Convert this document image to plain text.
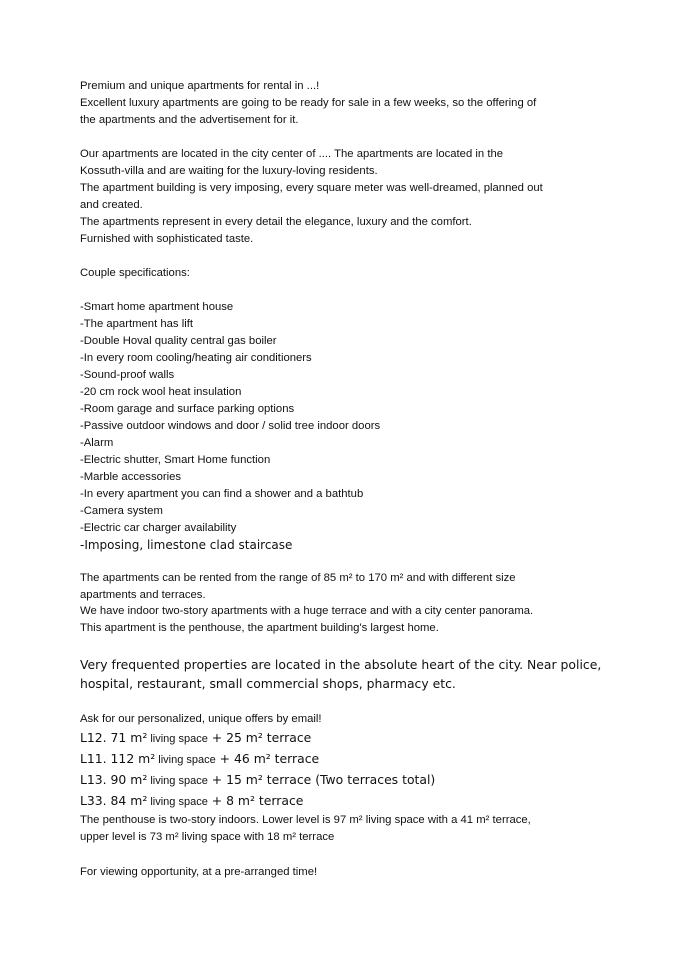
Premium and unique apartments for rental in ...!
Excellent luxury apartments are going to be ready for sale in a few weeks, so the offering of
the apartments and the advertisement for it.
Our apartments are located in the city center of .... The apartments are located in the
Kossuth-villa and are waiting for the luxury-loving residents.
The apartment building is very imposing, every square meter was well-dreamed, planned out
and created.
The apartments represent in every detail the elegance, luxury and the comfort.
Furnished with sophisticated taste.
Couple specifications:
-Smart home apartment house
-The apartment has lift
-Double Hoval quality central gas boiler
-In every room cooling/heating air conditioners
-Sound-proof walls
-20 cm rock wool heat insulation
-Room garage and surface parking options
-Passive outdoor windows and door / solid tree indoor doors
-Alarm
-Electric shutter, Smart Home function
-Marble accessories
-In every apartment you can find a shower and a bathtub
-Camera system
-Electric car charger availability
-Imposing, limestone clad staircase
The apartments can be rented from the range of 85 m² to 170 m² and with different size
apartments and terraces.
We have indoor two-story apartments with a huge terrace and with a city center panorama.
This apartment is the penthouse, the apartment building's largest home.
Very frequented properties are located in the absolute heart of the city. Near police,
hospital, restaurant, small commercial shops, pharmacy etc.
Ask for our personalized, unique offers by email!
L12. 71 m² living space + 25 m² terrace
L11. 112 m² living space + 46 m² terrace
L13. 90 m² living space + 15 m² terrace (Two terraces total)
L33. 84 m² living space + 8 m² terrace
The penthouse is two-story indoors. Lower level is 97 m² living space with a 41 m² terrace,
upper level is 73 m² living space with 18 m² terrace
For viewing opportunity, at a pre-arranged time!
